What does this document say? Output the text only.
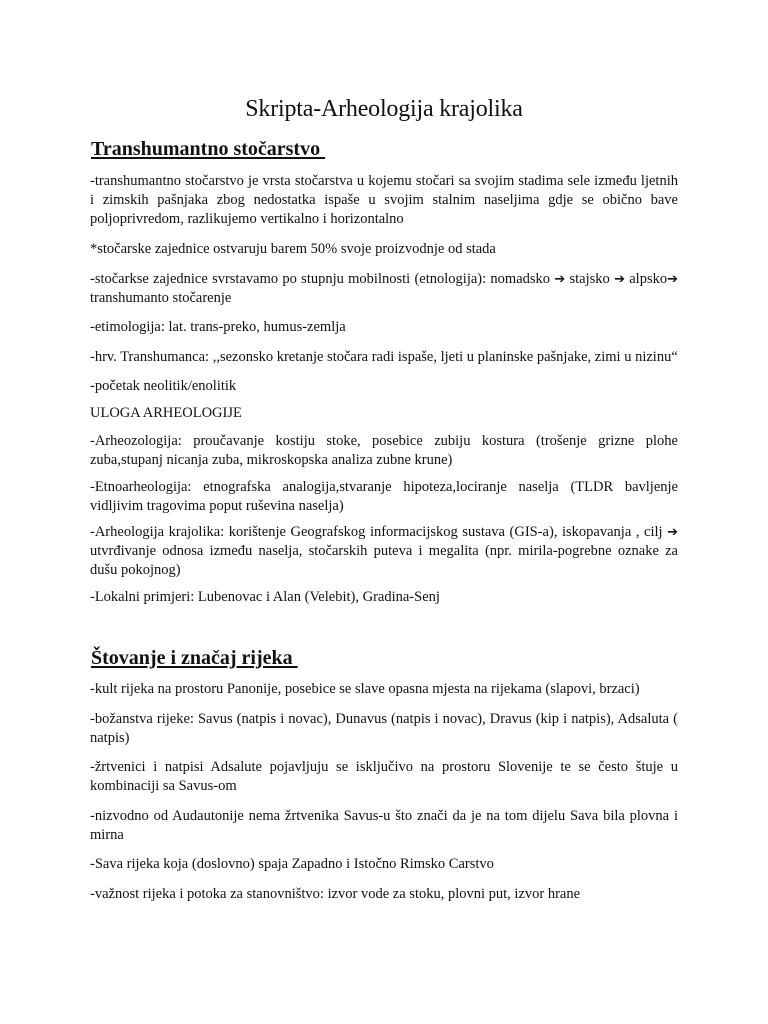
Skripta-Arheologija krajolika
Transhumantno stočarstvo

-transhumantno stočarstvo je vrsta stočarstva u kojemu stočari sa svojim stadima sele između ljetnih i zimskih pašnjaka zbog nedostatka ispaše u svojim stalnim naseljima gdje se obično bave poljoprivredom, razlikujemo vertikalno i horizontalno

*stočarske zajednice ostvaruju barem 50% svoje proizvodnje od stada

-stočarkse zajednice svrstavamo po stupnju mobilnosti (etnologija): nomadsko ➔ stajsko ➔ alpsko➔ transhumanto stočarenje

-etimologija: lat. trans-preko, humus-zemlja

-hrv. Transhumanca: ,,sezonsko kretanje stočara radi ispaše, ljeti u planinske pašnjake, zimi u nizinu“

-početak neolitik/enolitik

ULOGA ARHEOLOGIJE

-Arheozologija: proučavanje kostiju stoke, posebice zubiju kostura (trošenje grizne plohe zuba,stupanj nicanja zuba, mikroskopska analiza zubne krune)

-Etnoarheologija: etnografska analogija,stvaranje hipoteza,lociranje naselja (TLDR bavljenje vidljivim tragovima poput ruševina naselja)

-Arheologija krajolika: korištenje Geografskog informacijskog sustava (GIS-a), iskopavanja , cilj ➔ utvrđivanje odnosa između naselja, stočarskih puteva i megalita (npr. mirila-pogrebne oznake za dušu pokojnog)

-Lokalni primjeri: Lubenovac i Alan (Velebit), Gradina-Senj

Štovanje i značaj rijeka

-kult rijeka na prostoru Panonije, posebice se slave opasna mjesta na rijekama (slapovi, brzaci)

-božanstva rijeke: Savus (natpis i novac), Dunavus (natpis i novac), Dravus (kip i natpis), Adsaluta ( natpis)

-žrtvenici i natpisi Adsalute pojavljuju se isključivo na prostoru Slovenije te se često štuje u kombinaciji sa Savus-om

-nizvodno od Audautonije nema žrtvenika Savus-u što znači da je na tom dijelu Sava bila plovna i mirna

-Sava rijeka koja (doslovno) spaja Zapadno i Istočno Rimsko Carstvo

-važnost rijeka i potoka za stanovništvo: izvor vode za stoku, plovni put, izvor hrane
